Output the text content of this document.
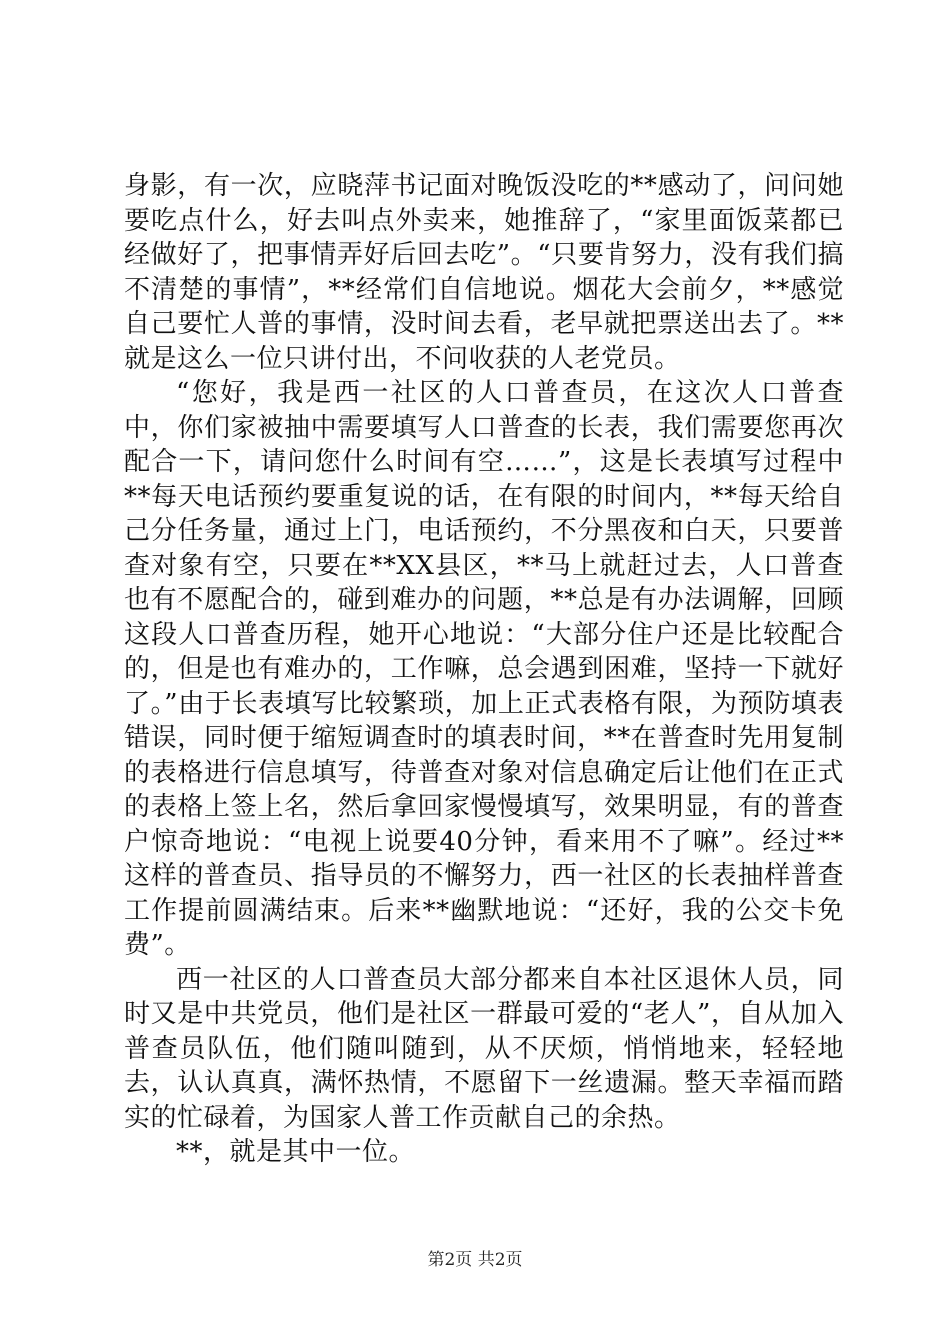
身影，有一次，应晓萍书记面对晚饭没吃的**感动了，问问她要吃点什么，好去叫点外卖来，她推辞了，“家里面饭菜都已经做好了，把事情弄好后回去吃”。“只要肯努力，没有我们搞不清楚的事情”，**经常们自信地说。烟花大会前夕，**感觉自己要忙人普的事情，没时间去看，老早就把票送出去了。**就是这么一位只讲付出，不问收获的人老党员。

“您好，我是西一社区的人口普查员，在这次人口普查中，你们家被抽中需要填写人口普查的长表，我们需要您再次配合一下，请问您什么时间有空……”，这是长表填写过程中**每天电话预约要重复说的话，在有限的时间内，**每天给自己分任务量，通过上门，电话预约，不分黑夜和白天，只要普查对象有空，只要在**XX县区，**马上就赶过去，人口普查也有不愿配合的，碰到难办的问题，**总是有办法调解，回顾这段人口普查历程，她开心地说：“大部分住户还是比较配合的，但是也有难办的，工作嘛，总会遇到困难，坚持一下就好了。”由于长表填写比较繁琐，加上正式表格有限，为预防填表错误，同时便于缩短调查时的填表时间，**在普查时先用复制的表格进行信息填写，待普查对象对信息确定后让他们在正式的表格上签上名，然后拿回家慢慢填写，效果明显，有的普查户惊奇地说：“电视上说要40分钟，看来用不了嘛”。经过**这样的普查员、指导员的不懈努力，西一社区的长表抽样普查工作提前圆满结束。后来**幽默地说：“还好，我的公交卡免费”。

西一社区的人口普查员大部分都来自本社区退休人员，同时又是中共党员，他们是社区一群最可爱的“老人”，自从加入普查员队伍，他们随叫随到，从不厌烦，悄悄地来，轻轻地去，认认真真，满怀热情，不愿留下一丝遗漏。整天幸福而踏实的忙碌着，为国家人普工作贡献自己的余热。

**，就是其中一位。

第2页 共2页
